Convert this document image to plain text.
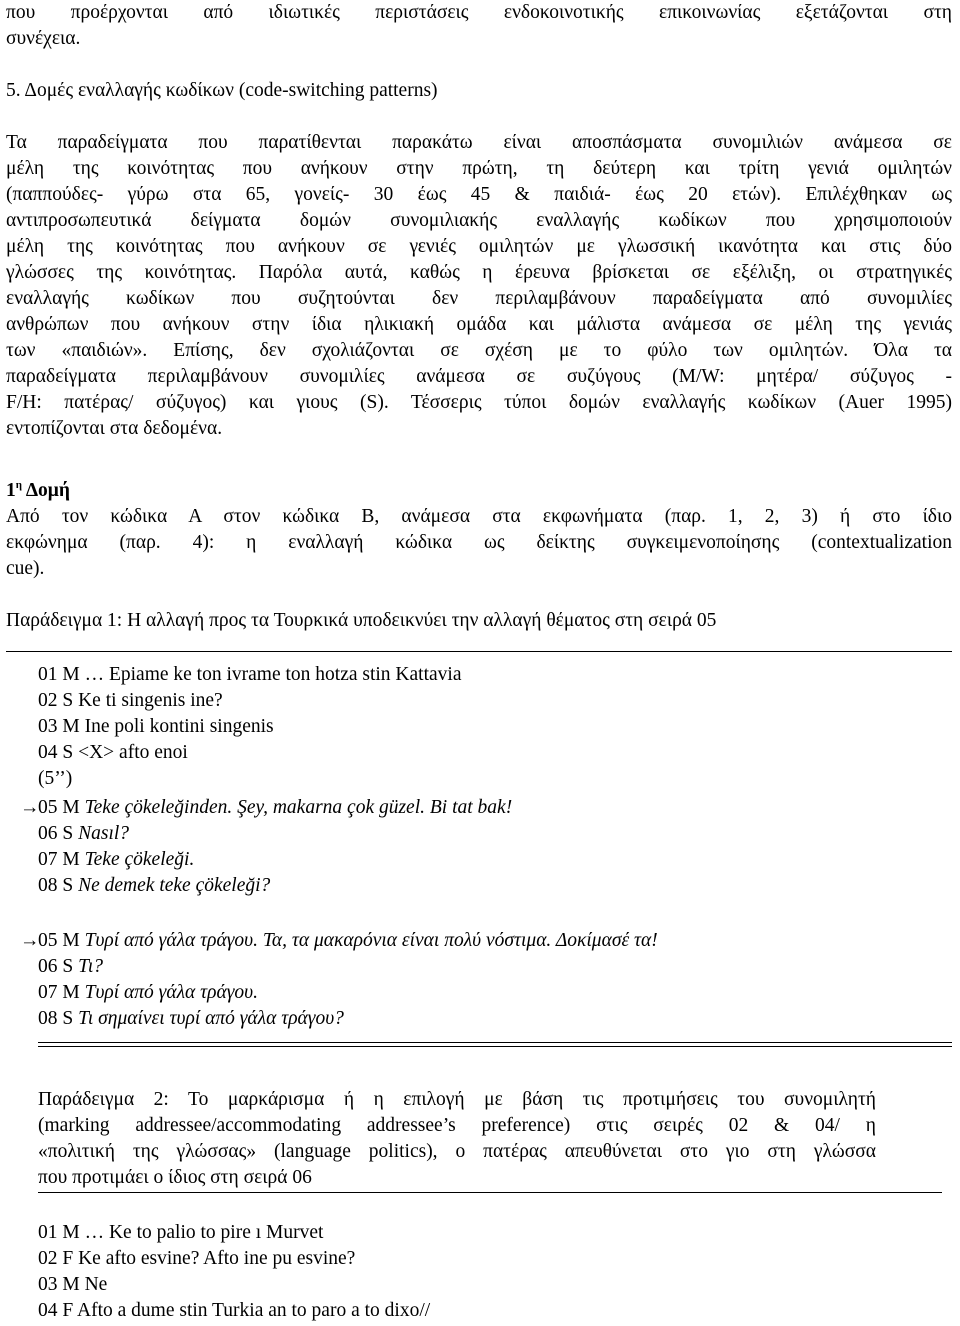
που προέρχονται από ιδιωτικές περιστάσεις ενδοκοινοτικής επικοινωνίας εξετάζονται στη
συνέχεια.
5. Δομές εναλλαγής κωδίκων (code-switching patterns)
Τα παραδείγματα που παρατίθενται παρακάτω είναι αποσπάσματα συνομιλιών ανάμεσα σε
μέλη της κοινότητας που ανήκουν στην πρώτη, τη δεύτερη και τρίτη γενιά ομιλητών
(παππούδες- γύρω στα 65, γονείς- 30 έως 45 & παιδιά- έως 20 ετών). Επιλέχθηκαν ως
αντιπροσωπευτικά δείγματα δομών συνομιλιακής εναλλαγής κωδίκων που χρησιμοποιούν
μέλη της κοινότητας που ανήκουν σε γενιές ομιλητών με γλωσσική ικανότητα και στις δύο
γλώσσες της κοινότητας. Παρόλα αυτά, καθώς η έρευνα βρίσκεται σε εξέλιξη, οι στρατηγικές
εναλλαγής κωδίκων που συζητούνται δεν περιλαμβάνουν παραδείγματα από συνομιλίες
ανθρώπων που ανήκουν στην ίδια ηλικιακή ομάδα και μάλιστα ανάμεσα σε μέλη της γενιάς
των «παιδιών». Επίσης, δεν σχολιάζονται σε σχέση με το φύλο των ομιλητών. Όλα τα
παραδείγματα περιλαμβάνουν συνομιλίες ανάμεσα σε συζύγους (M/W: μητέρα/ σύζυγος -
F/H: πατέρας/ σύζυγος) και γιους (S). Τέσσερις τύποι δομών εναλλαγής κωδίκων (Auer 1995)
εντοπίζονται στα δεδομένα.
$1^\eta$ Δομή
Από τον κώδικα Α στον κώδικα Β, ανάμεσα στα εκφωνήματα (παρ. 1, 2, 3) ή στο ίδιο
εκφώνημα (παρ. 4): η εναλλαγή κώδικα ως δείκτης συγκειμενοποίησης (contextualization
cue).
Παράδειγμα 1: Η αλλαγή προς τα Τουρκικά υποδεικνύει την αλλαγή θέματος στη σειρά 05
01 M … Epiame ke ton ivrame ton hotza stin Kattavia
02 S Ke ti singenis ine?
03 M Ine poli kontini singenis
04 S <X> afto enoi
(5’’)
→
05 M Teke çökeleğinden. Şey, makarna çok güzel. Bi tat bak!
06 S Nasıl?
07 M Teke çökeleği.
08 S Ne demek teke çökeleği?
→
05 M Τυρί από γάλα τράγου. Τα, τα μακαρόνια είναι πολύ νόστιμα. Δοκίμασέ τα!
06 S Τι?
07 M Τυρί από γάλα τράγου.
08 S Τι σημαίνει τυρί από γάλα τράγου?
Παράδειγμα 2: Το μαρκάρισμα ή η επιλογή με βάση τις προτιμήσεις του συνομιλητή
(marking addressee/accommodating addressee’s preference) στις σειρές 02 & 04/ η
«πολιτική της γλώσσας» (language politics), ο πατέρας απευθύνεται στο γιο στη γλώσσα
που προτιμάει ο ίδιος στη σειρά 06
01 M … Ke to palio to pire ı Murvet
02 F Ke afto esvine? Afto ine pu esvine?
03 M Ne
04 F Afto a dume stin Turkia an to paro a to dixo//
